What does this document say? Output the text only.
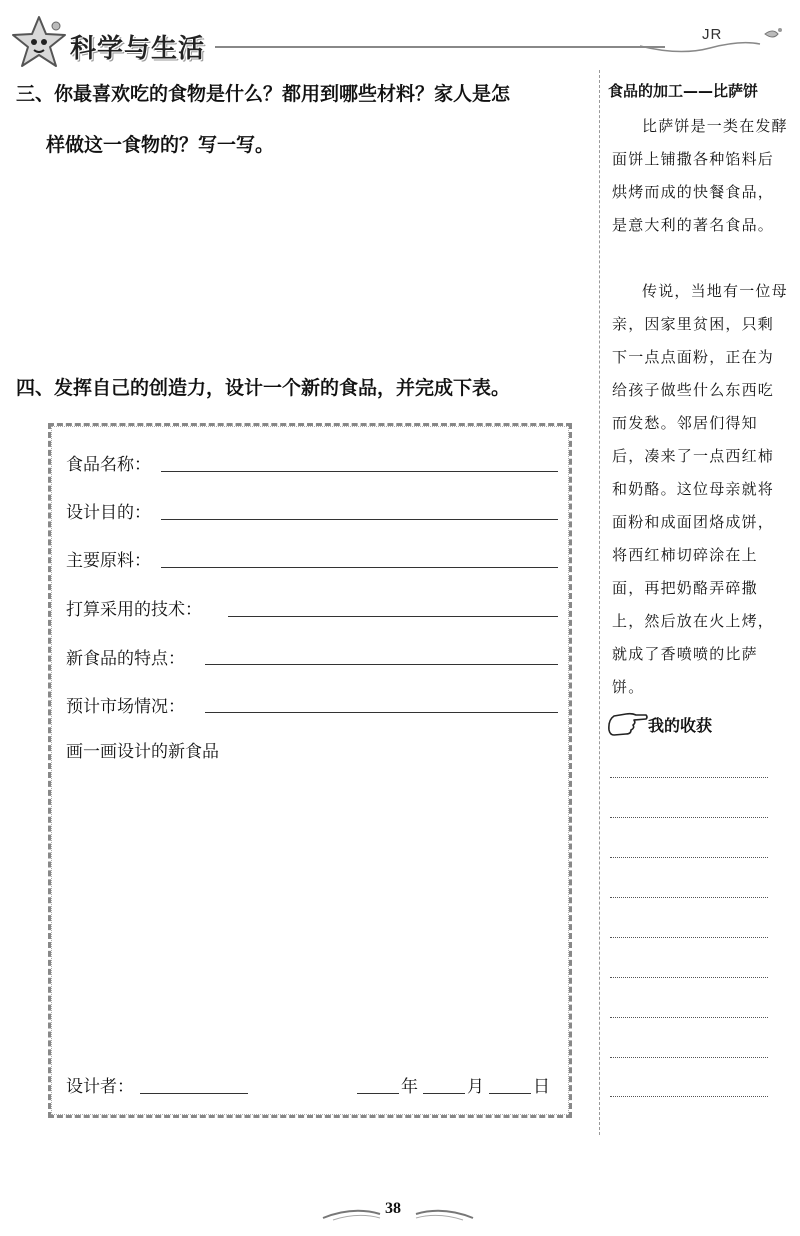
科学与生活	JR
三、你最喜欢吃的食物是什么？都用到哪些材料？家人是怎
样做这一食物的？写一写。
四、发挥自己的创造力，设计一个新的食品，并完成下表。
食品名称：
设计目的：
主要原料：
打算采用的技术：
新食品的特点：
预计市场情况：
画一画设计的新食品
设计者：	年	月	日
食品的加工——比萨饼
比萨饼是一类在发酵面饼上铺撒各种馅料后烘烤而成的快餐食品，是意大利的著名食品。
传说，当地有一位母亲，因家里贫困，只剩下一点点面粉，正在为给孩子做些什么东西吃而发愁。邻居们得知后，凑来了一点西红柿和奶酪。这位母亲就将面粉和成面团烙成饼，将西红柿切碎涂在上面，再把奶酪弄碎撒上，然后放在火上烤，就成了香喷喷的比萨饼。
我的收获
38
